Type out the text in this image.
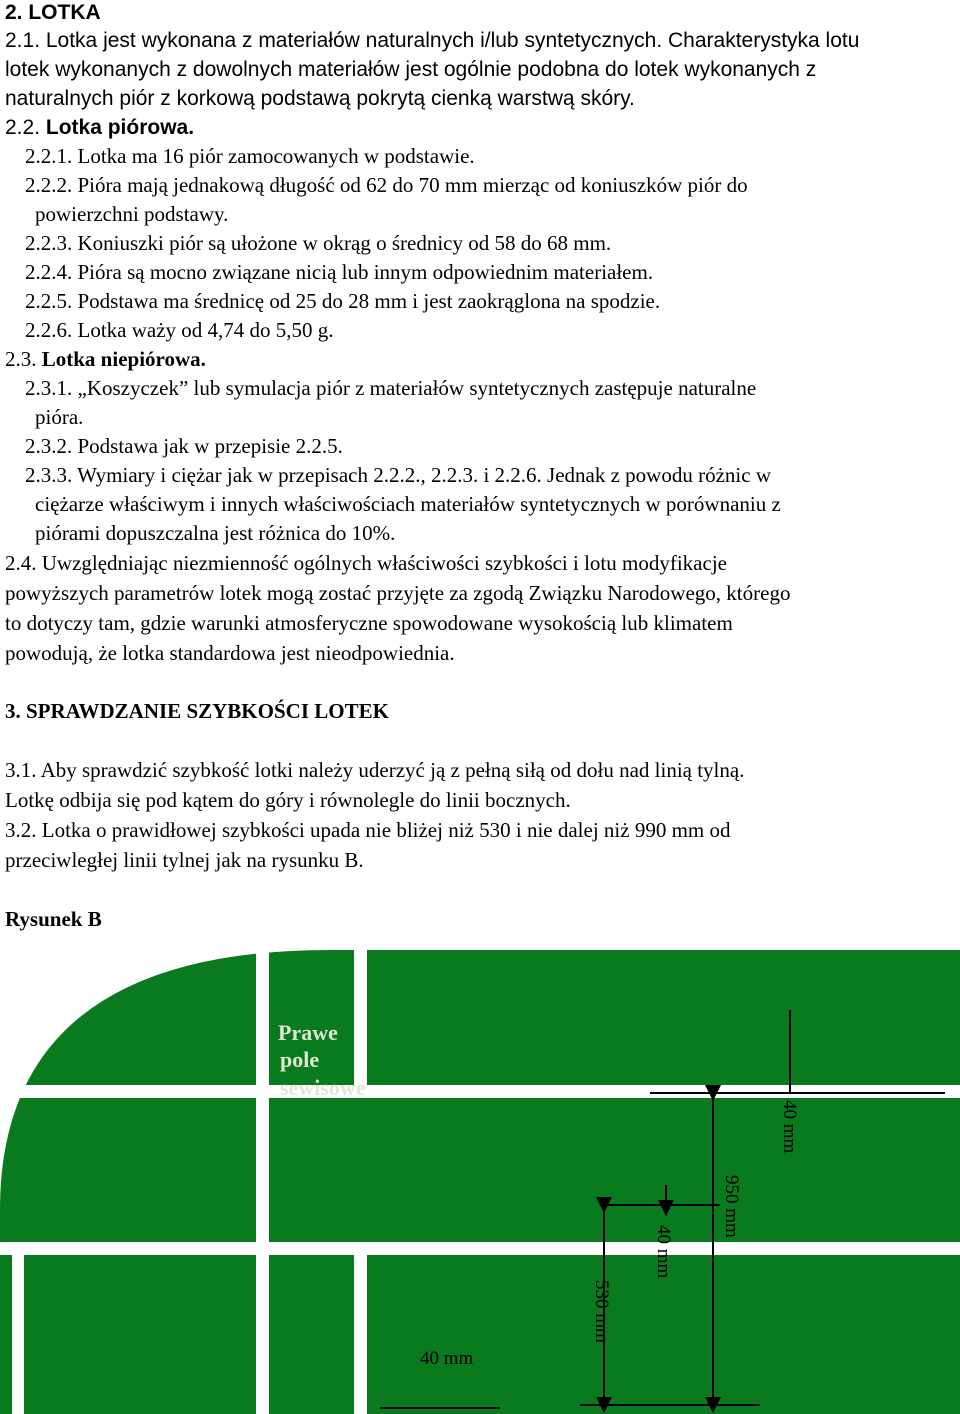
2. LOTKA
2.1. Lotka jest wykonana z materiałów naturalnych i/lub syntetycznych. Charakterystyka lotu
lotek wykonanych z dowolnych materiałów jest ogólnie podobna do lotek wykonanych z
naturalnych piór z korkową podstawą pokrytą cienką warstwą skóry.
2.2. Lotka piórowa.
2.2.1. Lotka ma 16 piór zamocowanych w podstawie.
2.2.2. Pióra mają jednakową długość od 62 do 70 mm mierząc od koniuszków piór do
powierzchni podstawy.
2.2.3. Koniuszki piór są ułożone w okrąg o średnicy od 58 do 68 mm.
2.2.4. Pióra są mocno związane nicią lub innym odpowiednim materiałem.
2.2.5. Podstawa ma średnicę od 25 do 28 mm i jest zaokrąglona na spodzie.
2.2.6. Lotka waży od 4,74 do 5,50 g.
2.3. Lotka niepiórowa.
2.3.1. „Koszyczek” lub symulacja piór z materiałów syntetycznych zastępuje naturalne
pióra.
2.3.2. Podstawa jak w przepisie 2.2.5.
2.3.3. Wymiary i ciężar jak w przepisach 2.2.2., 2.2.3. i 2.2.6. Jednak z powodu różnic w
ciężarze właściwym i innych właściwościach materiałów syntetycznych w porównaniu z
piórami dopuszczalna jest różnica do 10%.
2.4. Uwzględniając niezmienność ogólnych właściwości szybkości i lotu modyfikacje
powyższych parametrów lotek mogą zostać przyjęte za zgodą Związku Narodowego, którego
to dotyczy tam, gdzie warunki atmosferyczne spowodowane wysokością lub klimatem
powodują, że lotka standardowa jest nieodpowiednia.
3. SPRAWDZANIE SZYBKOŚCI LOTEK
3.1. Aby sprawdzić szybkość lotki należy uderzyć ją z pełną siłą od dołu nad linią tylną.
Lotkę odbija się pod kątem do góry i równolegle do linii bocznych.
3.2. Lotka o prawidłowej szybkości upada nie bliżej niż 530 i nie dalej niż 990 mm od
przeciwległej linii tylnej jak na rysunku B.
Rysunek B
Prawe
pole
sewisowe
530 mm
40 mm
950 mm
40 mm
40 mm
